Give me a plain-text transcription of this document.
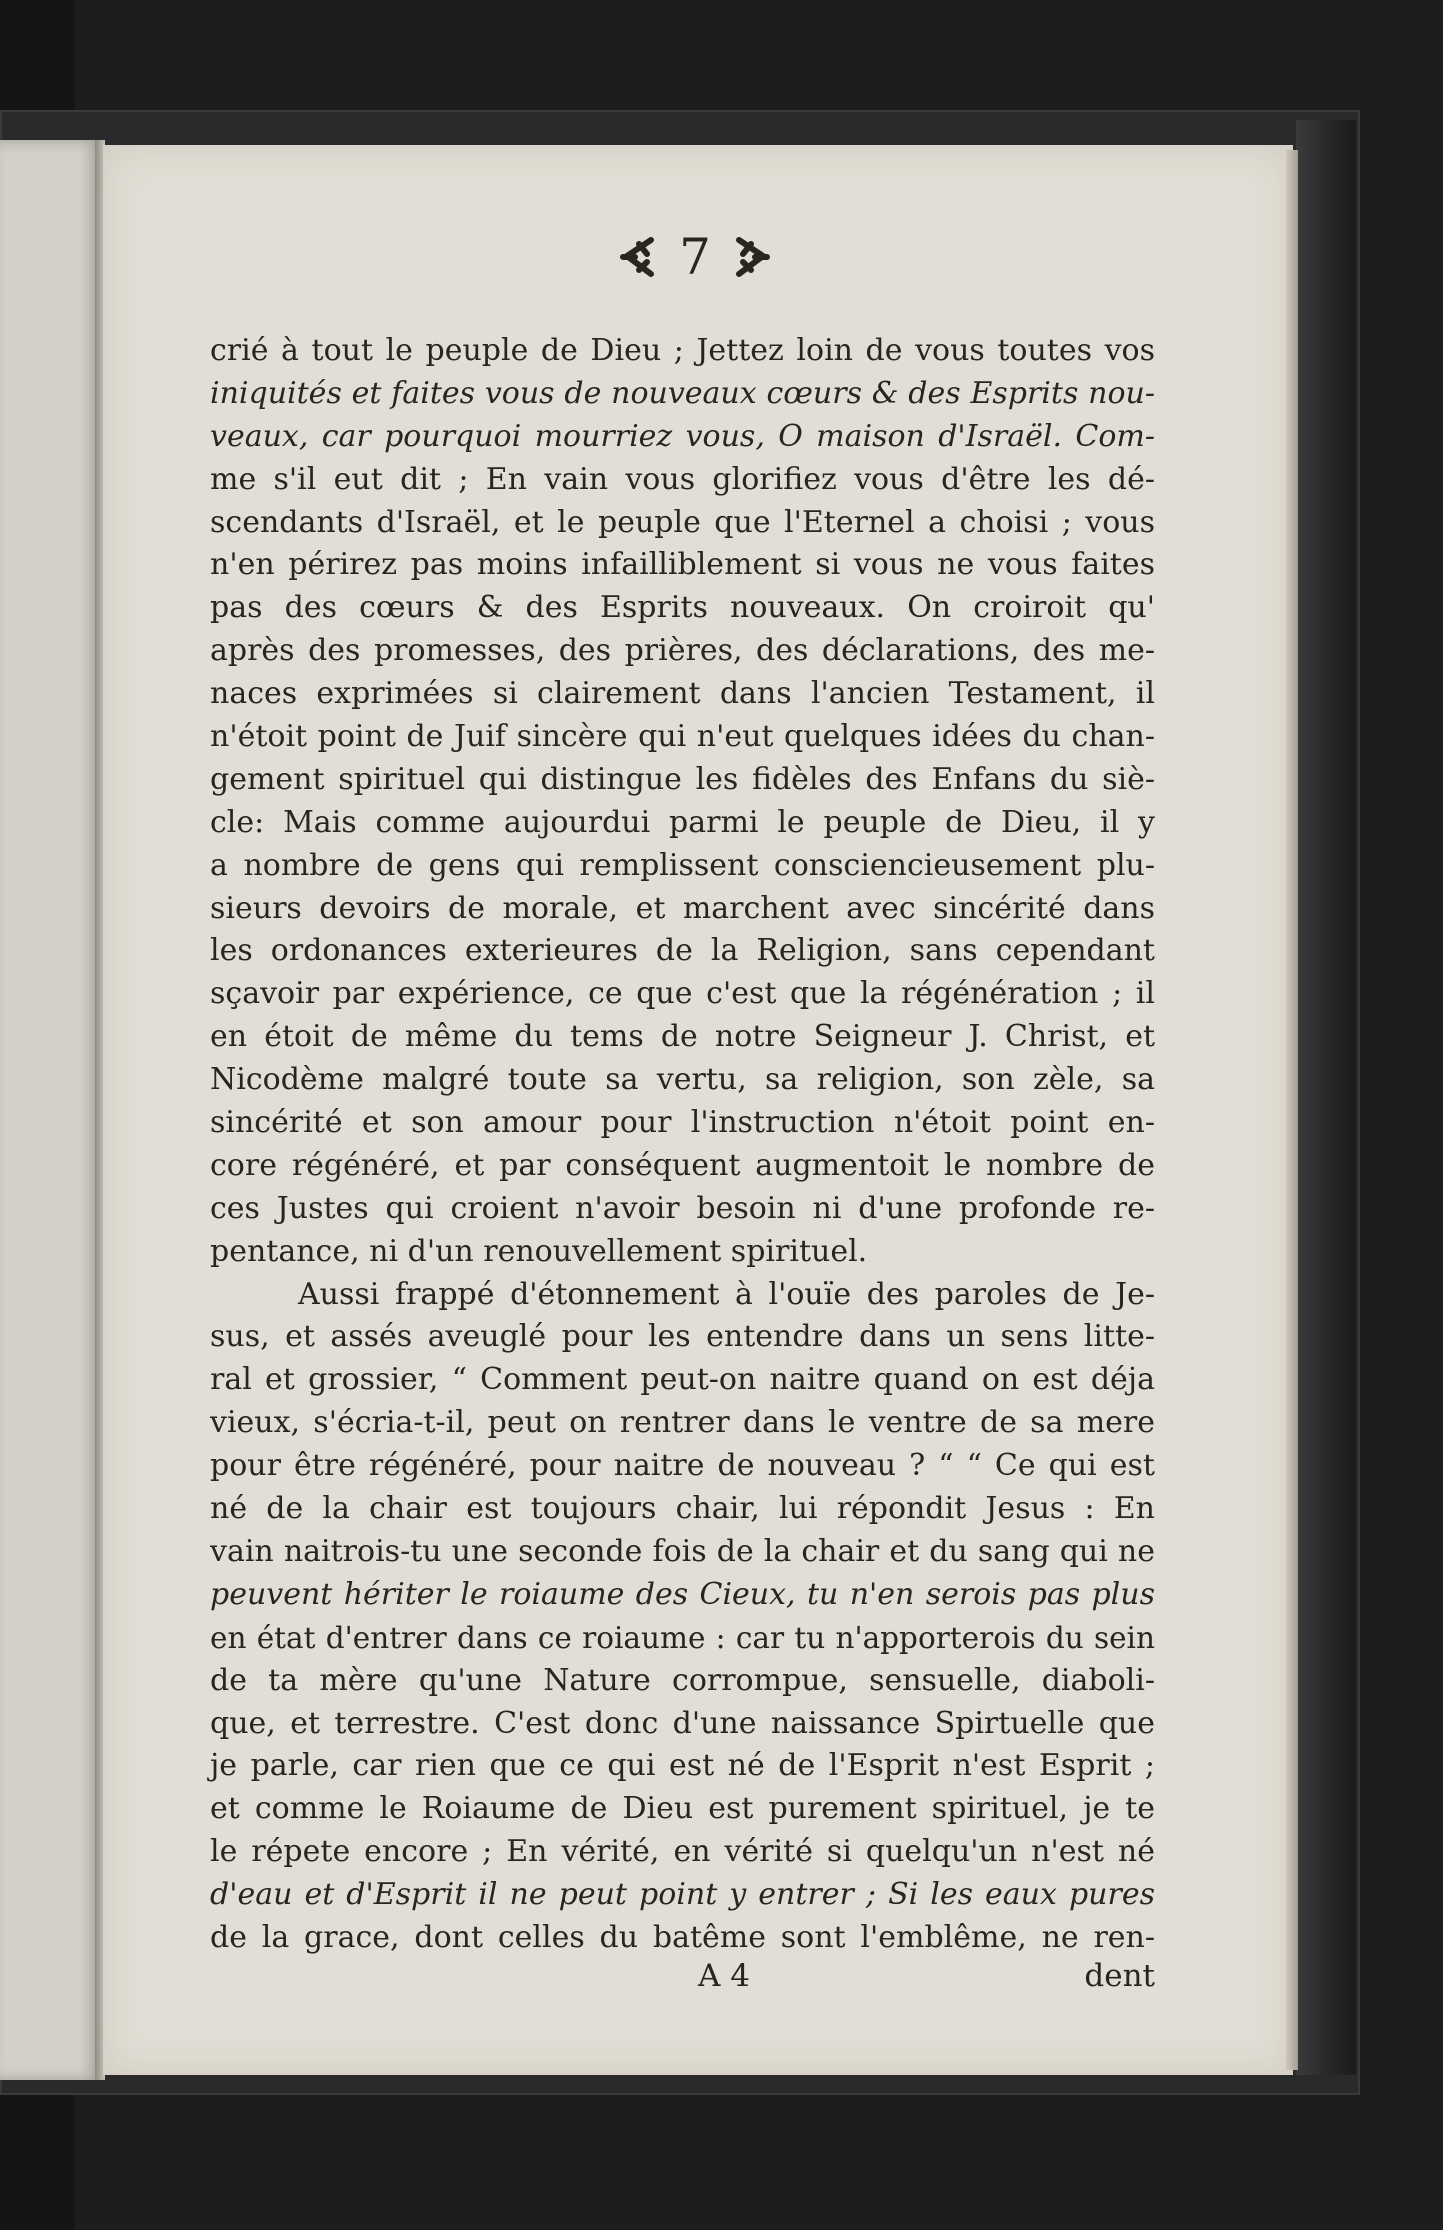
7
crié à tout le peuple de Dieu ; Jettez loin de vous toutes vos
iniquités et faites vous de nouveaux cœurs & des Esprits nou-
veaux, car pourquoi mourriez vous, O maison d'Israël. Com-
me s'il eut dit ; En vain vous glorifiez vous d'être les dé-
scendants d'Israël, et le peuple que l'Eternel a choisi ; vous
n'en périrez pas moins infailliblement si vous ne vous faites
pas des cœurs & des Esprits nouveaux. On croiroit qu'
après des promesses, des prières, des déclarations, des me-
naces exprimées si clairement dans l'ancien Testament, il
n'étoit point de Juif sincère qui n'eut quelques idées du chan-
gement spirituel qui distingue les fidèles des Enfans du siè-
cle: Mais comme aujourdui parmi le peuple de Dieu, il y
a nombre de gens qui remplissent consciencieusement plu-
sieurs devoirs de morale, et marchent avec sincérité dans
les ordonances exterieures de la Religion, sans cependant
sçavoir par expérience, ce que c'est que la régénération ; il
en étoit de même du tems de notre Seigneur J. Christ, et
Nicodème malgré toute sa vertu, sa religion, son zèle, sa
sincérité et son amour pour l'instruction n'étoit point en-
core régénéré, et par conséquent augmentoit le nombre de
ces Justes qui croient n'avoir besoin ni d'une profonde re-
pentance, ni d'un renouvellement spirituel.
Aussi frappé d'étonnement à l'ouïe des paroles de Je-
sus, et assés aveuglé pour les entendre dans un sens litte-
ral et grossier, “ Comment peut-on naitre quand on est déja
vieux, s'écria-t-il, peut on rentrer dans le ventre de sa mere
pour être régénéré, pour naitre de nouveau ? “ “ Ce qui est
né de la chair est toujours chair, lui répondit Jesus : En
vain naitrois-tu une seconde fois de la chair et du sang qui ne
peuvent hériter le roiaume des Cieux, tu n'en serois pas plus
en état d'entrer dans ce roiaume : car tu n'apporterois du sein
de ta mère qu'une Nature corrompue, sensuelle, diaboli-
que, et terrestre. C'est donc d'une naissance Spirtuelle que
je parle, car rien que ce qui est né de l'Esprit n'est Esprit ;
et comme le Roiaume de Dieu est purement spirituel, je te
le répete encore ; En vérité, en vérité si quelqu'un n'est né
d'eau et d'Esprit il ne peut point y entrer ; Si les eaux pures
de la grace, dont celles du batême sont l'emblême, ne ren-
A 4	dent
